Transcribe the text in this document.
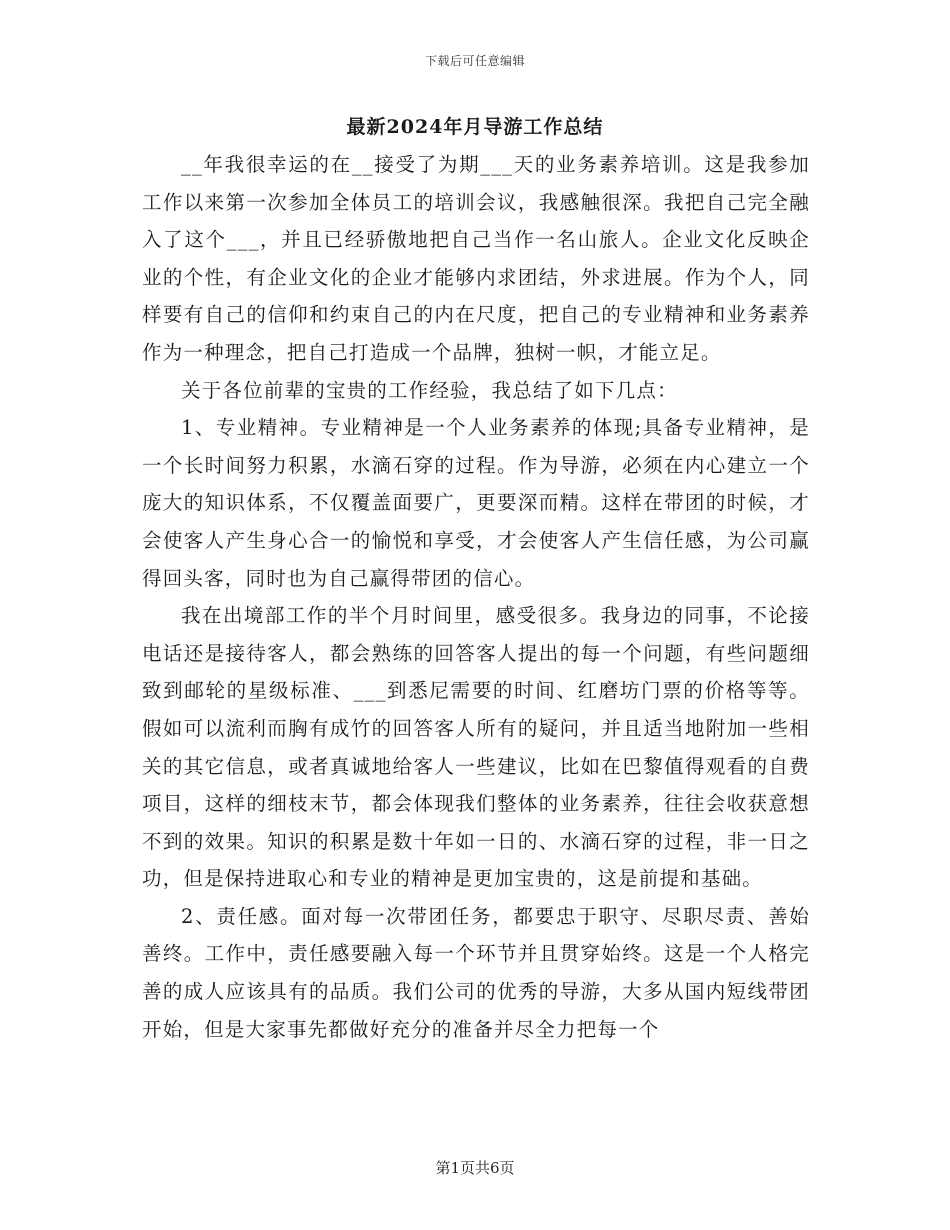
下载后可任意编辑
最新2024年月导游工作总结

__年我很幸运的在__接受了为期___天的业务素养培训。这是我参加工作以来第一次参加全体员工的培训会议，我感触很深。我把自己完全融入了这个___，并且已经骄傲地把自己当作一名山旅人。企业文化反映企业的个性，有企业文化的企业才能够内求团结，外求进展。作为个人，同样要有自己的信仰和约束自己的内在尺度，把自己的专业精神和业务素养作为一种理念，把自己打造成一个品牌，独树一帜，才能立足。

关于各位前辈的宝贵的工作经验，我总结了如下几点：

1、专业精神。专业精神是一个人业务素养的体现;具备专业精神，是一个长时间努力积累，水滴石穿的过程。作为导游，必须在内心建立一个庞大的知识体系，不仅覆盖面要广，更要深而精。这样在带团的时候，才会使客人产生身心合一的愉悦和享受，才会使客人产生信任感，为公司赢得回头客，同时也为自己赢得带团的信心。

我在出境部工作的半个月时间里，感受很多。我身边的同事，不论接电话还是接待客人，都会熟练的回答客人提出的每一个问题，有些问题细致到邮轮的星级标准、___到悉尼需要的时间、红磨坊门票的价格等等。假如可以流利而胸有成竹的回答客人所有的疑问，并且适当地附加一些相关的其它信息，或者真诚地给客人一些建议，比如在巴黎值得观看的自费项目，这样的细枝末节，都会体现我们整体的业务素养，往往会收获意想不到的效果。知识的积累是数十年如一日的、水滴石穿的过程，非一日之功，但是保持进取心和专业的精神是更加宝贵的，这是前提和基础。

2、责任感。面对每一次带团任务，都要忠于职守、尽职尽责、善始善终。工作中，责任感要融入每一个环节并且贯穿始终。这是一个人格完善的成人应该具有的品质。我们公司的优秀的导游，大多从国内短线带团开始，但是大家事先都做好充分的准备并尽全力把每一个

第1页共6页
